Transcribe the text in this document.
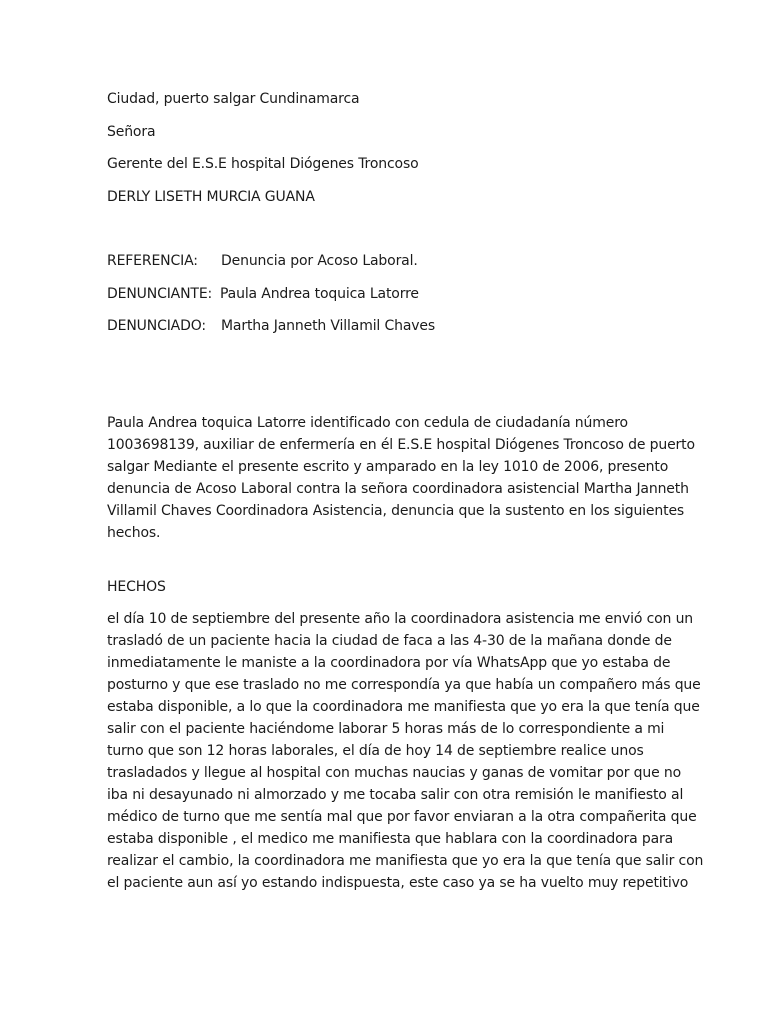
Ciudad, puerto salgar Cundinamarca
Señora
Gerente del E.S.E hospital Diógenes Troncoso
DERLY LISETH MURCIA GUANA
REFERENCIA:	Denuncia por Acoso Laboral.
DENUNCIANTE: Paula Andrea toquica Latorre
DENUNCIADO:	Martha Janneth Villamil Chaves
Paula Andrea toquica Latorre identificado con cedula de ciudadanía número
1003698139, auxiliar de enfermería en él E.S.E hospital Diógenes Troncoso de puerto
salgar Mediante el presente escrito y amparado en la ley 1010 de 2006, presento
denuncia de Acoso Laboral contra la señora coordinadora asistencial Martha Janneth
Villamil Chaves Coordinadora Asistencia, denuncia que la sustento en los siguientes
hechos.
HECHOS
el día 10 de septiembre del presente año la coordinadora asistencia me envió con un
trasladó de un paciente hacia la ciudad de faca a las 4-30 de la mañana donde de
inmediatamente le maniste a la coordinadora por vía WhatsApp que yo estaba de
posturno y que ese traslado no me correspondía ya que había un compañero más que
estaba disponible, a lo que la coordinadora me manifiesta que yo era la que tenía que
salir con el paciente haciéndome laborar 5 horas más de lo correspondiente a mi
turno que son 12 horas laborales, el día de hoy 14 de septiembre realice unos
trasladados y llegue al hospital con muchas naucias y ganas de vomitar por que no
iba ni desayunado ni almorzado y me tocaba salir con otra remisión le manifiesto al
médico de turno que me sentía mal que por favor enviaran a la otra compañerita que
estaba disponible , el medico me manifiesta que hablara con la coordinadora para
realizar el cambio, la coordinadora me manifiesta que yo era la que tenía que salir con
el paciente aun así yo estando indispuesta, este caso ya se ha vuelto muy repetitivo
